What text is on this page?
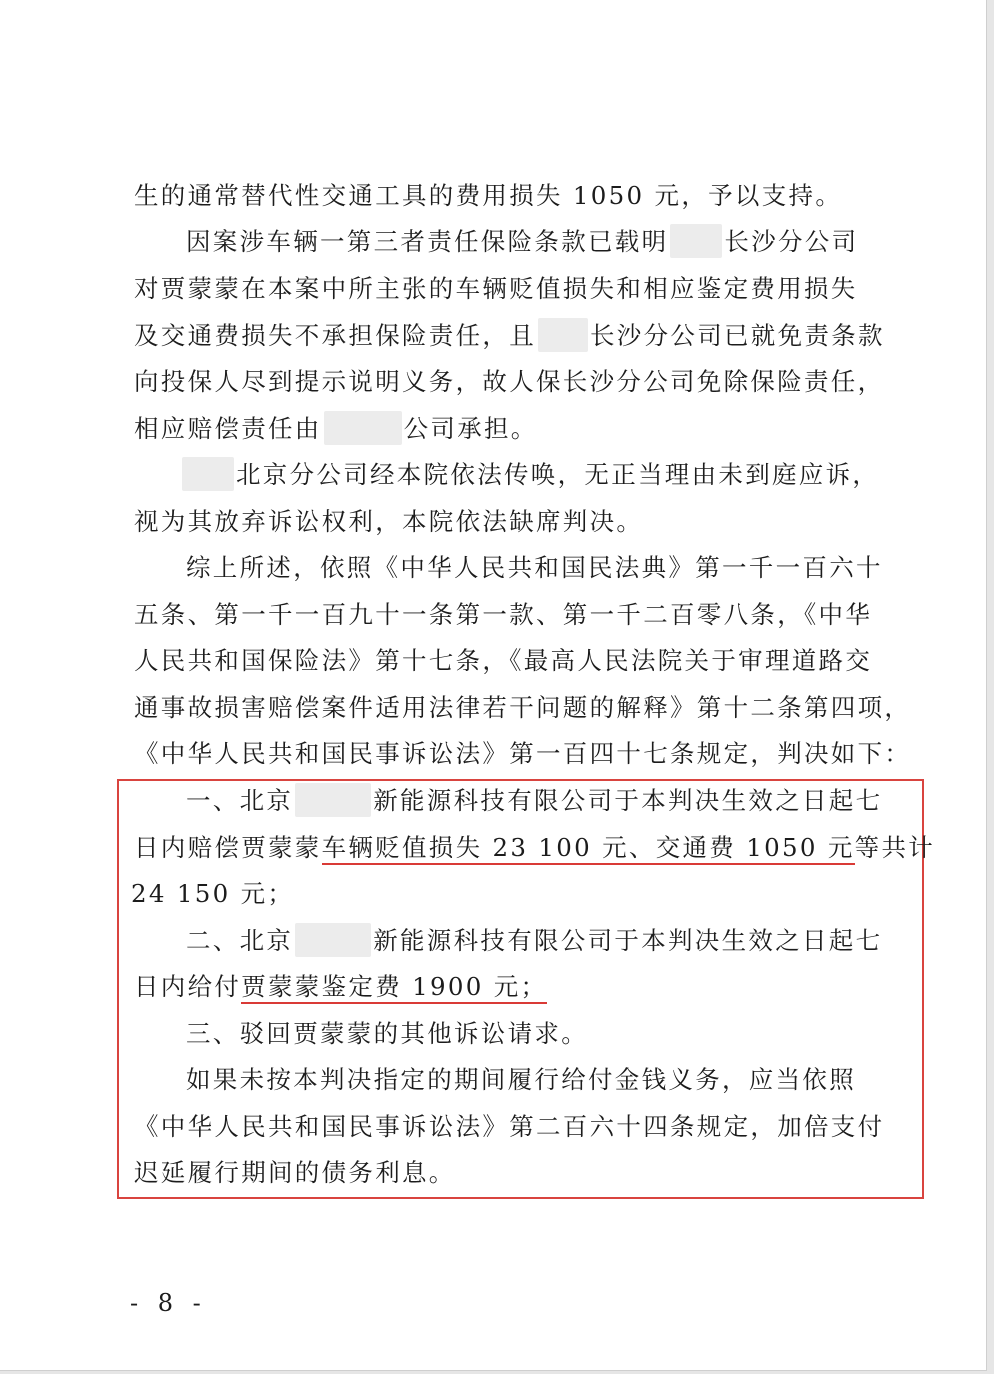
生的通常替代性交通工具的费用损失 1050 元，予以支持。
因案涉车辆一第三者责任保险条款已载明 长沙分公司
对贾蒙蒙在本案中所主张的车辆贬值损失和相应鉴定费用损失
及交通费损失不承担保险责任，且 长沙分公司已就免责条款
向投保人尽到提示说明义务，故人保长沙分公司免除保险责任，
相应赔偿责任由	公司承担。
北京分公司经本院依法传唤，无正当理由未到庭应诉，
视为其放弃诉讼权利，本院依法缺席判决。
综上所述，依照《中华人民共和国民法典》第一千一百六十
五条、第一千一百九十一条第一款、第一千二百零八条，《中华
人民共和国保险法》第十七条，《最高人民法院关于审理道路交
通事故损害赔偿案件适用法律若干问题的解释》第十二条第四项，
《中华人民共和国民事诉讼法》第一百四十七条规定，判决如下：
一、北京	新能源科技有限公司于本判决生效之日起七
日内赔偿贾蒙蒙车辆贬值损失 23 100 元、交通费 1050 元等共计
24 150 元；
二、北京	新能源科技有限公司于本判决生效之日起七
日内给付贾蒙蒙鉴定费 1900 元；
三、驳回贾蒙蒙的其他诉讼请求。
如果未按本判决指定的期间履行给付金钱义务，应当依照
《中华人民共和国民事诉讼法》第二百六十四条规定，加倍支付
迟延履行期间的债务利息。
- 8 -
